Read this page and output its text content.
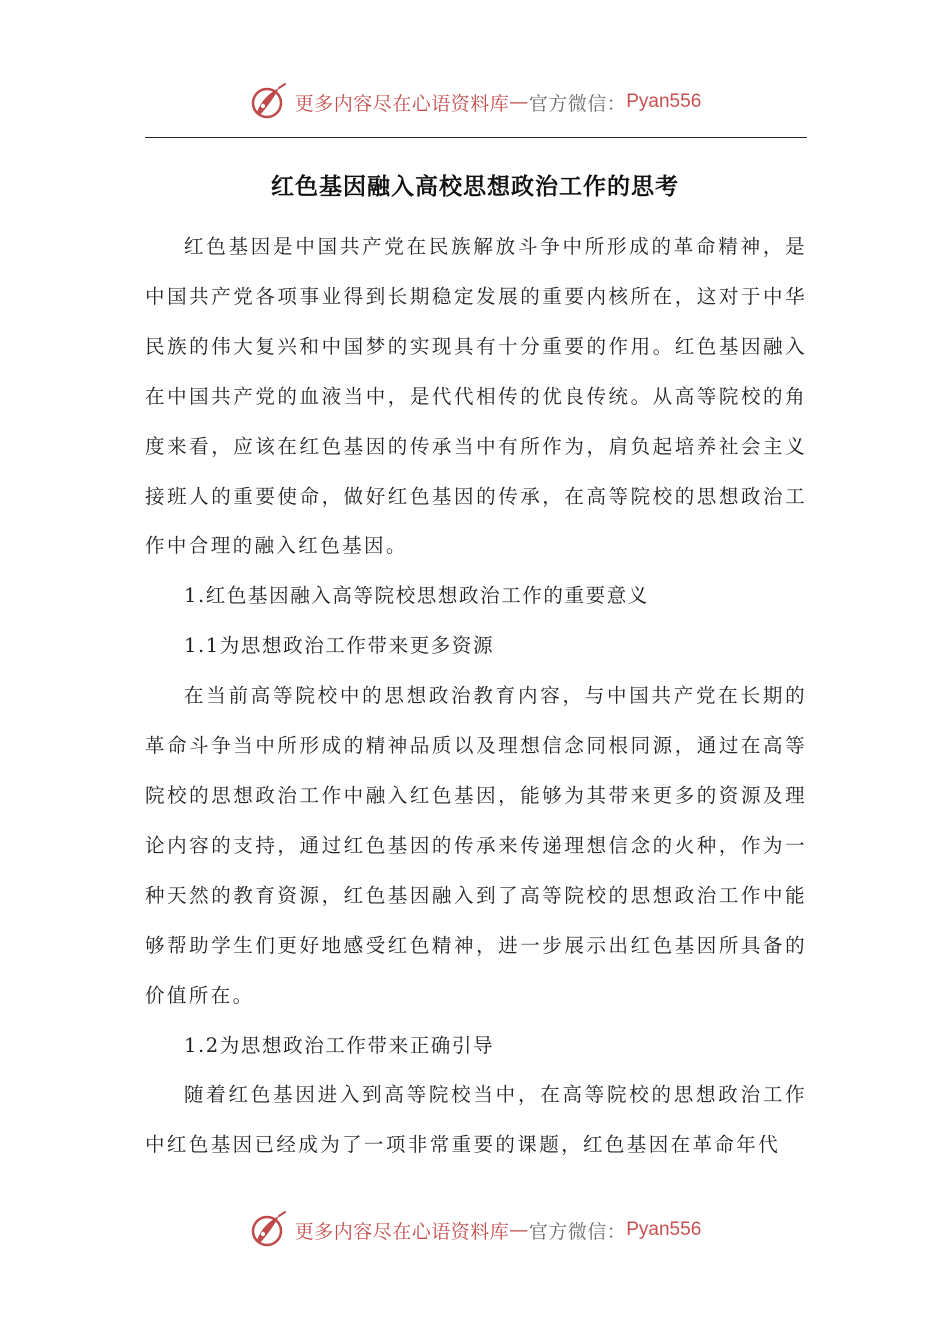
更多内容尽在心语资料库 — 官方微信： Pyan556
红色基因融入高校思想政治工作的思考

红色基因是中国共产党在民族解放斗争中所形成的革命精神，是中国共产党各项事业得到长期稳定发展的重要内核所在，这对于中华民族的伟大复兴和中国梦的实现具有十分重要的作用。红色基因融入在中国共产党的血液当中，是代代相传的优良传统。从高等院校的角度来看，应该在红色基因的传承当中有所作为，肩负起培养社会主义接班人的重要使命，做好红色基因的传承，在高等院校的思想政治工作中合理的融入红色基因。

1.红色基因融入高等院校思想政治工作的重要意义

1.1为思想政治工作带来更多资源

在当前高等院校中的思想政治教育内容，与中国共产党在长期的革命斗争当中所形成的精神品质以及理想信念同根同源，通过在高等院校的思想政治工作中融入红色基因，能够为其带来更多的资源及理论内容的支持，通过红色基因的传承来传递理想信念的火种，作为一种天然的教育资源，红色基因融入到了高等院校的思想政治工作中能够帮助学生们更好地感受红色精神，进一步展示出红色基因所具备的价值所在。

1.2为思想政治工作带来正确引导

随着红色基因进入到高等院校当中，在高等院校的思想政治工作中红色基因已经成为了一项非常重要的课题，红色基因在革命年代

更多内容尽在心语资料库 — 官方微信： Pyan556
